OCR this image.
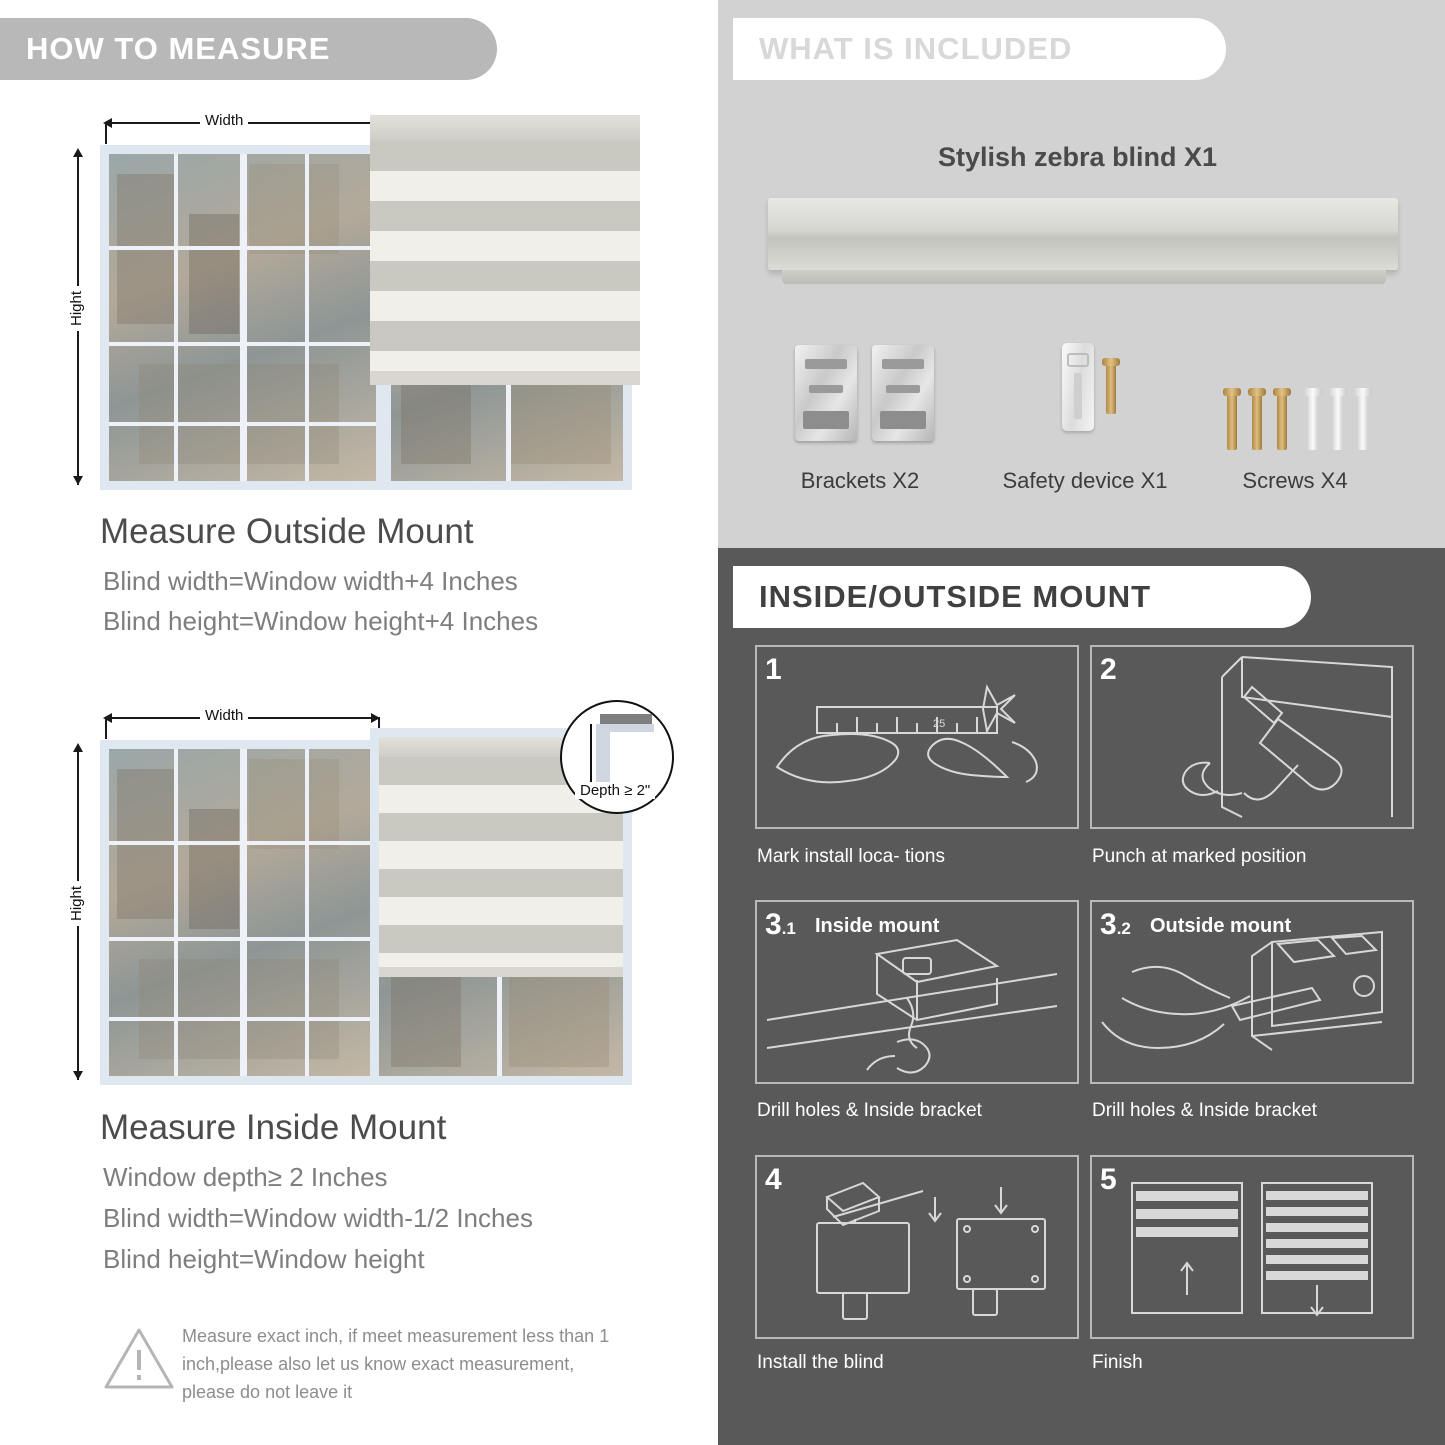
HOW TO MEASURE
Width
Hight
Measure Outside Mount
Blind width=Window width+4 Inches
Blind height=Window height+4 Inches
Width
Hight
Depth ≥ 2"
Measure Inside Mount
Window depth≥ 2 Inches
Blind width=Window width-1/2 Inches
Blind height=Window height
Measure exact inch, if meet measurement less than 1 inch,please also let us know exact measurement, please do not leave it
WHAT IS INCLUDED
Stylish zebra blind X1
Brackets X2	Safety device X1	Screws X4
INSIDE/OUTSIDE MOUNT
1
25
Mark install loca- tions
2
Punch at marked position
3.1 Inside mount
Drill holes & Inside bracket
3.2 Outside mount
Drill holes & Inside bracket
4
Install the blind
5
Finish
